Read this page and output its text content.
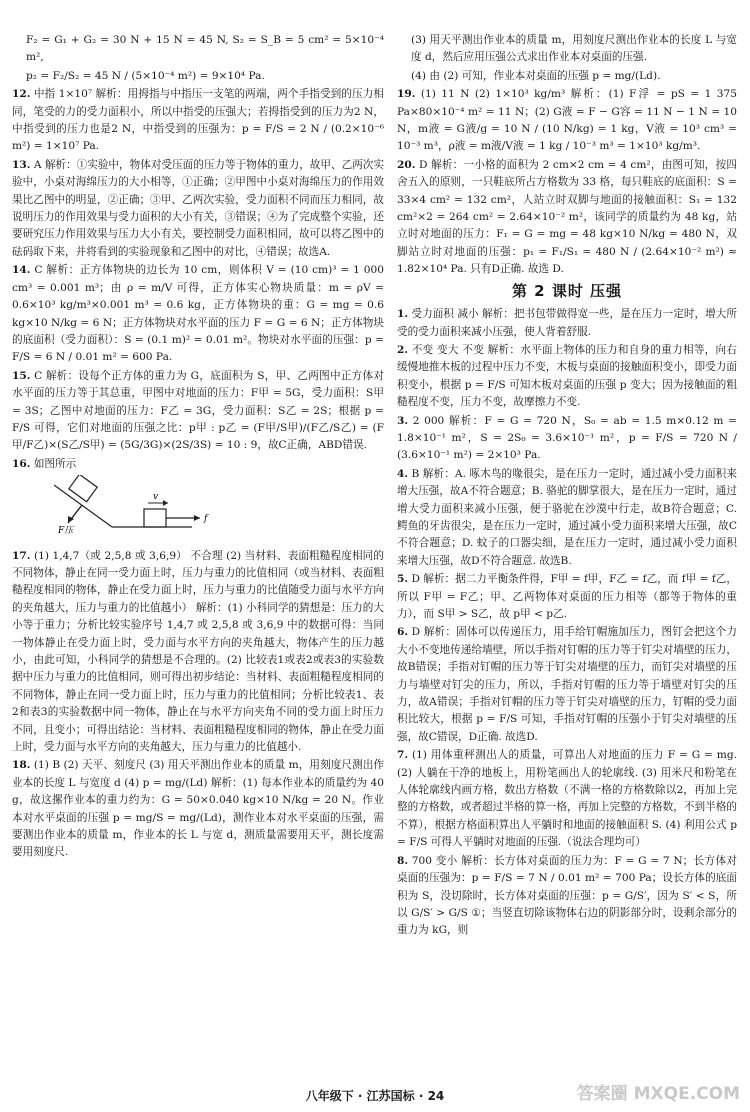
F₂ = G₁ + G₂ = 30 N + 15 N = 45 N, S₂ = S_B = 5 cm² = 5×10⁻⁴ m²,

p₂ = F₂/S₂ = 45 N / (5×10⁻⁴ m²) = 9×10⁴ Pa.

12. 中指 1×10⁷ 解析：用拇指与中指压一支笔的两端，两个手指受到的压力相同，笔受的力的受力面积小，所以中指受的压强大；若拇指受到的压力为2 N，中指受到的压力也是2 N，中指受到的压强为：p = F/S = 2 N / (0.2×10⁻⁶ m²) = 1×10⁷ Pa.

13. A 解析：①实验中，物体对受压面的压力等于物体的重力，故甲、乙两次实验中，小桌对海绵压力的大小相等，①正确；②甲图中小桌对海绵压力的作用效果比乙图中的明显，②正确；③甲、乙两次实验，受力面积不同而压力相同，故说明压力的作用效果与受力面积的大小有关，③错误；④为了完成整个实验，还要研究压力作用效果与压力大小有关，要控制受力面积相同，故可以将乙图中的砝码取下来，并将看到的实验现象和乙图中的对比，④错误；故选A.

14. C 解析：正方体物块的边长为 10 cm，则体积 V = (10 cm)³ = 1 000 cm³ = 0.001 m³；由 ρ = m/V 可得，正方体实心物块质量：m = ρV = 0.6×10³ kg/m³×0.001 m³ = 0.6 kg，正方体物块的重：G = mg = 0.6 kg×10 N/kg = 6 N；正方体物块对水平面的压力 F = G = 6 N；正方体物块的底面积（受力面积）：S = (0.1 m)² = 0.01 m²。物块对水平面的压强：p = F/S = 6 N / 0.01 m² = 600 Pa.

15. C 解析：设每个正方体的重力为 G，底面积为 S，甲、乙两图中正方体对水平面的压力等于其总重，甲图中对地面的压力：F甲 = 5G，受力面积：S甲 = 3S；乙图中对地面的压力：F乙 = 3G，受力面积：S乙 = 2S；根据 p = F/S 可得，它们对地面的压强之比：p甲 : p乙 = (F甲/S甲)/(F乙/S乙) = (F甲/F乙)×(S乙/S甲) = (5G/3G)×(2S/3S) = 10 : 9，故C正确，ABD错误.

16. 如图所示

F压
v
f

17. (1) 1,4,7（或 2,5,8 或 3,6,9） 不合理 (2) 当材料、表面粗糙程度相同的不同物体，静止在同一受力面上时，压力与重力的比值相同（或当材料、表面粗糙程度相同的物体，静止在受力面上时，压力与重力的比值随受力面与水平方向的夹角越大，压力与重力的比值越小） 解析：(1) 小科同学的猜想是：压力的大小等于重力；分析比较实验序号 1,4,7 或 2,5,8 或 3,6,9 中的数据可得：当同一物体静止在受力面上时，受力面与水平方向的夹角越大，物体产生的压力越小，由此可知，小科同学的猜想是不合理的。(2) 比较表1或表2或表3的实验数据中压力与重力的比值相同，则可得出初步结论：当材料、表面粗糙程度相同的不同物体，静止在同一受力面上时，压力与重力的比值相同；分析比较表1、表2和表3的实验数据中同一物体，静止在与水平方向夹角不同的受力面上时压力不同，且变小；可得出结论：当材料、表面粗糙程度相同的物体，静止在受力面上时，受力面与水平方向的夹角越大，压力与重力的比值越小.

18. (1) B (2) 天平、刻度尺 (3) 用天平测出作业本的质量 m，用刻度尺测出作业本的长度 L 与宽度 d (4) p = mg/(Ld) 解析：(1) 每本作业本的质量约为 40 g，故这摞作业本的重力约为：G = 50×0.040 kg×10 N/kg = 20 N。作业本对水平桌面的压强 p = mg/S = mg/(Ld)，测作业本对水平桌面的压强，需要测出作业本的质量 m，作业本的长 L 与宽 d，测质量需要用天平，测长度需要用刻度尺.

(3) 用天平测出作业本的质量 m，用刻度尺测出作业本的长度 L 与宽度 d，然后应用压强公式求出作业本对桌面的压强.

(4) 由 (2) 可知，作业本对桌面的压强 p = mg/(Ld).

19. (1) 11 N (2) 1×10³ kg/m³ 解析：(1) F浮 = pS = 1 375 Pa×80×10⁻⁴ m² = 11 N；(2) G液 = F − G容 = 11 N − 1 N = 10 N，m液 = G液/g = 10 N / (10 N/kg) = 1 kg，V液 = 10³ cm³ = 10⁻³ m³，ρ液 = m液/V液 = 1 kg / 10⁻³ m³ = 1×10³ kg/m³.

20. D 解析：一小格的面积为 2 cm×2 cm = 4 cm²，由图可知，按四舍五入的原则，一只鞋底所占方格数为 33 格，每只鞋底的底面积：S = 33×4 cm² = 132 cm²，人站立时双脚与地面的接触面积：S₁ = 132 cm²×2 = 264 cm² = 2.64×10⁻² m²，该同学的质量约为 48 kg，站立时对地面的压力：F₁ = G = mg = 48 kg×10 N/kg = 480 N，双脚站立时对地面的压强：p₁ = F₁/S₁ = 480 N / (2.64×10⁻² m²) ≈ 1.82×10⁴ Pa. 只有D正确. 故选 D.

第 2 课时 压强

1. 受力面积 减小 解析：把书包带做得宽一些，是在压力一定时，增大所受的受力面积来减小压强，使人背着舒服.

2. 不变 变大 不变 解析：水平面上物体的压力和自身的重力相等，向右缓慢地推木板的过程中压力不变，木板与桌面的接触面积变小，即受力面积变小，根据 p = F/S 可知木板对桌面的压强 p 变大；因为接触面的粗糙程度不变，压力不变，故摩擦力不变.

3. 2 000 解析：F = G = 720 N，S₀ = ab = 1.5 m×0.12 m = 1.8×10⁻¹ m²，S = 2S₀ = 3.6×10⁻¹ m²，p = F/S = 720 N / (3.6×10⁻¹ m²) = 2×10³ Pa.

4. B 解析：A. 啄木鸟的喙很尖，是在压力一定时，通过减小受力面积来增大压强，故A不符合题意；B. 骆驼的脚掌很大，是在压力一定时，通过增大受力面积来减小压强，便于骆驼在沙漠中行走，故B符合题意；C. 鳄鱼的牙齿很尖，是在压力一定时，通过减小受力面积来增大压强，故C不符合题意；D. 蚊子的口器尖细，是在压力一定时，通过减小受力面积来增大压强，故D不符合题意. 故选B.

5. D 解析：据二力平衡条件得，F甲 = f甲，F乙 = f乙，而 f甲 = f乙，所以 F甲 = F乙；甲、乙两物体对桌面的压力相等（都等于物体的重力），而 S甲 > S乙，故 p甲 < p乙.

6. D 解析：固体可以传递压力，用手给钉帽施加压力，图钉会把这个力大小不变地传递给墙壁，所以手指对钉帽的压力等于钉尖对墙壁的压力，故B错误；手指对钉帽的压力等于钉尖对墙壁的压力，而钉尖对墙壁的压力与墙壁对钉尖的压力，所以，手指对钉帽的压力等于墙壁对钉尖的压力，故A错误；手指对钉帽的压力等于钉尖对墙壁的压力，钉帽的受力面积比较大，根据 p = F/S 可知，手指对钉帽的压强小于钉尖对墙壁的压强，故C错误，D正确. 故选D.

7. (1) 用体重秤测出人的质量，可算出人对地面的压力 F = G = mg. (2) 人躺在干净的地板上，用粉笔画出人的轮廓线. (3) 用米尺和粉笔在人体轮廓线内画方格，数出方格数（不满一格的方格数除以2，再加上完整的方格数，或者超过半格的算一格，再加上完整的方格数，不到半格的不算），根据方格面积算出人平躺时和地面的接触面积 S. (4) 利用公式 p = F/S 可得人平躺时对地面的压强.（说法合理均可）

8. 700 变小 解析：长方体对桌面的压力为：F = G = 7 N；长方体对桌面的压强为：p = F/S = 7 N / 0.01 m² = 700 Pa；设长方体的底面积为 S，没切除时，长方体对桌面的压强：p = G/S′，因为 S′ < S，所以 G/S′ > G/S ①；当竖直切除该物体右边的阴影部分时，设剩余部分的重力为 kG，则

八年级下 · 江苏国标 · 24	答案圈 MXQE.COM
